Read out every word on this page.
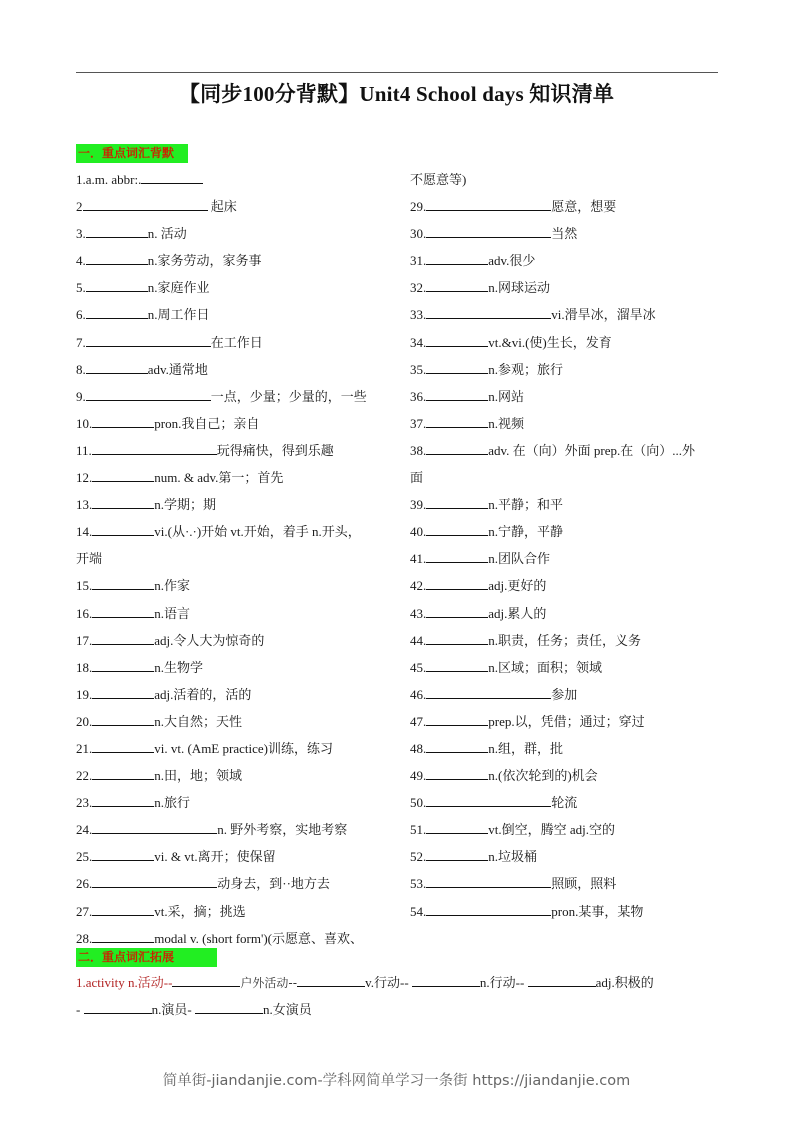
【同步100分背默】Unit4 School days 知识清单
一．重点词汇背默
1.a.m. abbr:.
2	起床
3.	n. 活动
4.	n.家务劳动，家务事
5.	n.家庭作业
6.	n.周工作日
7.	在工作日
8.	adv.通常地
9.	一点，少量；少量的，一些
10.	pron.我自己；亲自
11.	玩得痛快，得到乐趣
12.	num. & adv.第一；首先
13.	n.学期；期
14.	vi.(从·.·)开始 vt.开始，着手 n.开头，
开端
15.	n.作家
16.	n.语言
17.	adj.令人大为惊奇的
18.	n.生物学
19.	adj.活着的，活的
20.	n.大自然；天性
21.	vi. vt. (AmE practice)训练，练习
22.	n.田，地；领域
23.	n.旅行
24.	n. 野外考察，实地考察
25.	vi. & vt.离开；使保留
26.	动身去，到··地方去
27.	vt.采，摘；挑选
28.	modal v. (short form')(示愿意、喜欢、
不愿意等)
29.	愿意，想要
30.	当然
31.	adv.很少
32.	n.网球运动
33.	vi.滑旱冰，溜旱冰
34.	vt.&vi.(使)生长，发育
35.	n.参观；旅行
36.	n.网站
37.	n.视频
38.	adv. 在（向）外面 prep.在（向）...外
面
39.	n.平静；和平
40.	n.宁静，平静
41.	n.团队合作
42.	adj.更好的
43.	adj.累人的
44.	n.职责，任务；责任，义务
45.	n.区域；面积；领域
46.	参加
47.	prep.以，凭借；通过；穿过
48.	n.组，群，批
49.	n.(依次轮到的)机会
50.	轮流
51.	vt.倒空，腾空 adj.空的
52.	n.垃圾桶
53.	照顾，照料
54.	pron.某事，某物
二．重点词汇拓展
1.activity n.活动--	户外活动--	v.行动--	n.行动--	adj.积极的
-	n.演员-	n.女演员
简单街-jiandanjie.com-学科网简单学习一条街 https://jiandanjie.com
